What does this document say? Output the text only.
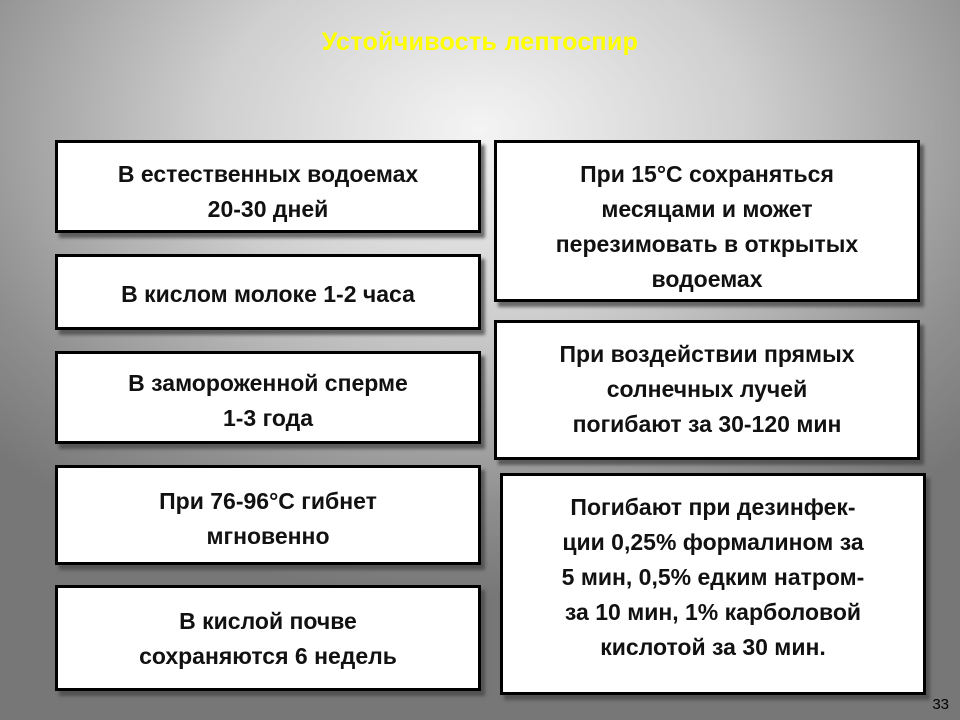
Устойчивость лептоспир
В естественных водоемах
20-30 дней
В кислом молоке 1-2 часа
В замороженной сперме
1-3 года
При 76-96°С гибнет
мгновенно
В кислой почве
сохраняются 6 недель
При 15°С сохраняться
месяцами и может
перезимовать в открытых
водоемах
При воздействии прямых
солнечных лучей
погибают за 30-120 мин
Погибают при дезинфек-
ции 0,25% формалином за
5 мин, 0,5% едким натром-
за 10 мин, 1% карболовой
кислотой за 30 мин.
33
